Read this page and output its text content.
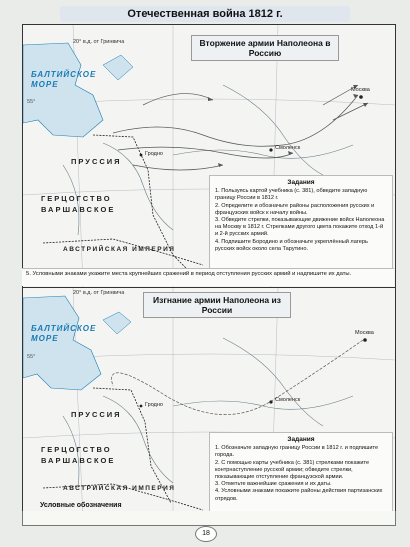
Отечественная война 1812 г.
Вторжение армии Наполеона в Россию
20° в.д. от Гринвича
БАЛТИЙСКОЕ МОРЕ
ПРУССИЯ
ГЕРЦОГСТВО ВАРШАВСКОЕ
АВСТРИЙСКАЯ ИМПЕРИЯ
Москва
Смоленск
Гродно
55°
Задания

1. Пользуясь картой учебника (с. 381), обведите западную границу России в 1812 г.

2. Определите и обозначьте районы расположения русских и французских войск к началу войны.

3. Обведите стрелки, показывающие движение войск Наполеона на Москву в 1812 г. Стрелками другого цвета покажите отход 1-й и 2-й русских армий.

4. Подпишите Бородино и обозначьте укреплённый лагерь русских войск около села Тарутино.

5. Условными знаками укажите места крупнейших сражений в период отступления русских армий и надпишите их даты.
Изгнание армии Наполеона из России
20° в.д. от Гринвича
БАЛТИЙСКОЕ МОРЕ
ПРУССИЯ
ГЕРЦОГСТВО ВАРШАВСКОЕ
АВСТРИЙСКАЯ ИМПЕРИЯ
Москва
Смоленск
Гродно
55°
Задания

1. Обозначьте западную границу России в 1812 г. и подпишите города.

2. С помощью карты учебника (с. 381) стрелками покажите контрнаступление русской армии; обведите стрелки, показывающие отступление французской армии.

3. Отметьте важнейшие сражения и их даты.

4. Условными знаками покажите районы действия партизанских отрядов.

Условные обозначения
18
